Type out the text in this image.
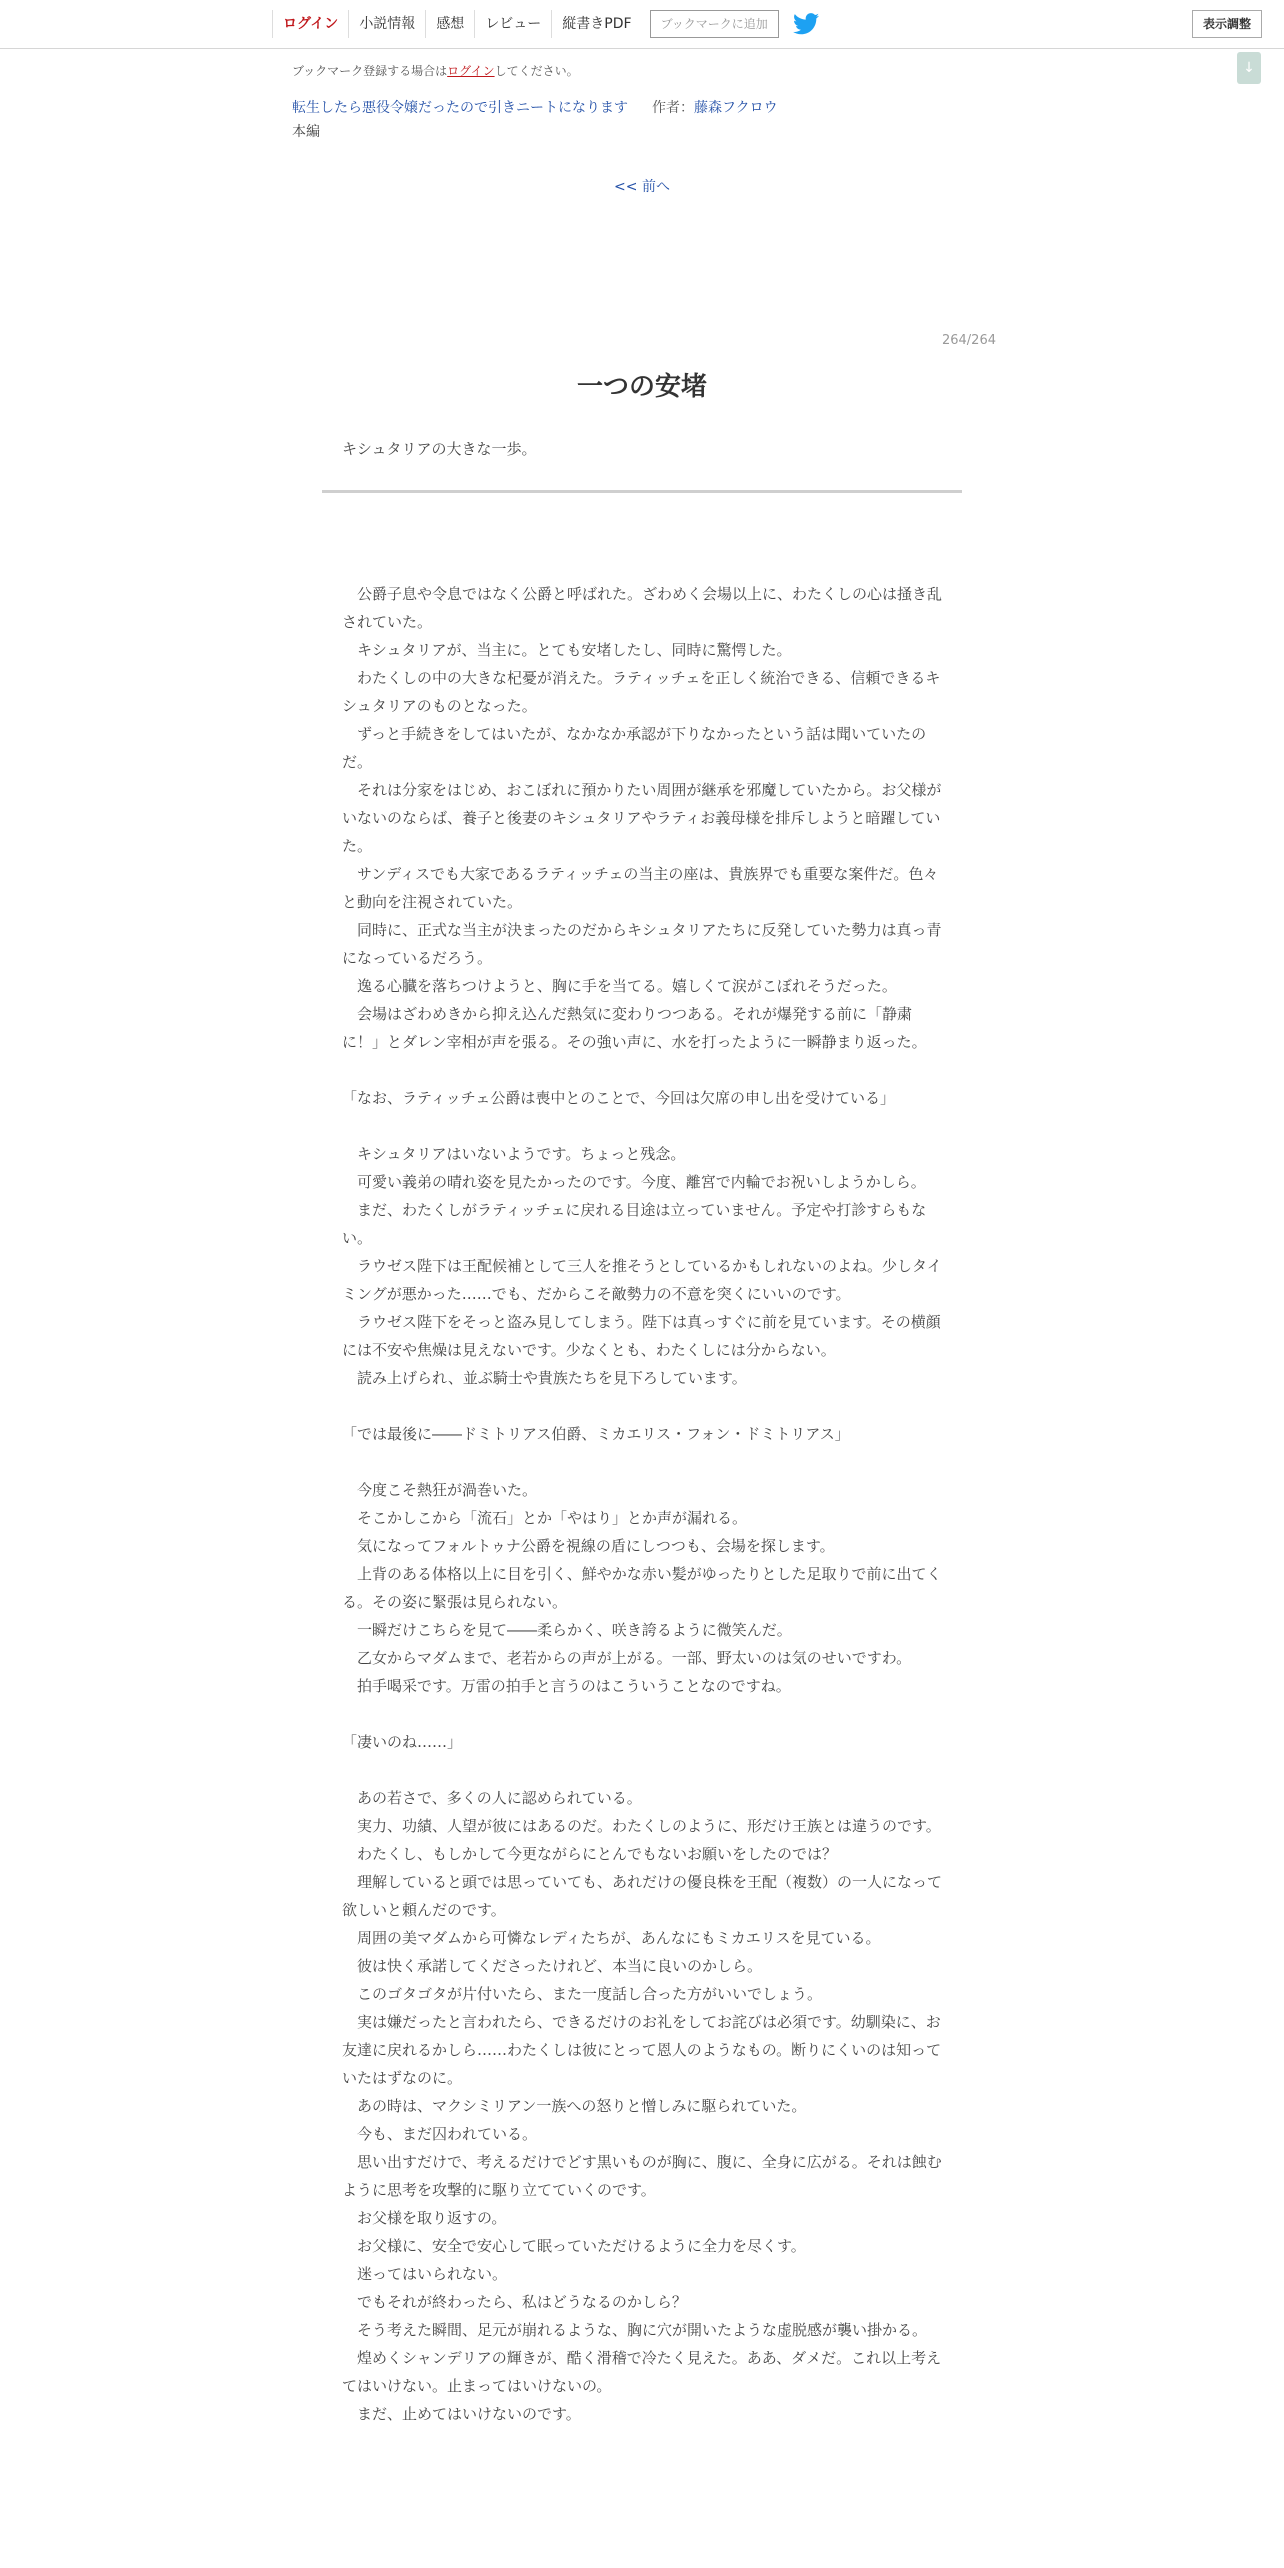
ログイン	小説情報	感想	レビュー	縦書きPDF	ブックマークに追加	表示調整
↓
ブックマーク登録する場合はログインしてください。
転生したら悪役令嬢だったので引きニートになります 作者：藤森フクロウ
本編
<< 前へ
264/264
一つの安堵
キシュタリアの大きな一歩。

　公爵子息や令息ではなく公爵と呼ばれた。ざわめく会場以上に、わたくしの心は掻き乱されていた。

　キシュタリアが、当主に。とても安堵したし、同時に驚愕した。

　わたくしの中の大きな杞憂が消えた。ラティッチェを正しく統治できる、信頼できるキシュタリアのものとなった。

　ずっと手続きをしてはいたが、なかなか承認が下りなかったという話は聞いていたのだ。

　それは分家をはじめ、おこぼれに預かりたい周囲が継承を邪魔していたから。お父様がいないのならば、養子と後妻のキシュタリアやラティお義母様を排斥しようと暗躍していた。

　サンディスでも大家であるラティッチェの当主の座は、貴族界でも重要な案件だ。色々と動向を注視されていた。

　同時に、正式な当主が決まったのだからキシュタリアたちに反発していた勢力は真っ青になっているだろう。

　逸る心臓を落ちつけようと、胸に手を当てる。嬉しくて涙がこぼれそうだった。

　会場はざわめきから抑え込んだ熱気に変わりつつある。それが爆発する前に「静粛に！」とダレン宰相が声を張る。その強い声に、水を打ったように一瞬静まり返った。

「なお、ラティッチェ公爵は喪中とのことで、今回は欠席の申し出を受けている」

　キシュタリアはいないようです。ちょっと残念。

　可愛い義弟の晴れ姿を見たかったのです。今度、離宮で内輪でお祝いしようかしら。

　まだ、わたくしがラティッチェに戻れる目途は立っていません。予定や打診すらもない。

　ラウゼス陛下は王配候補として三人を推そうとしているかもしれないのよね。少しタイミングが悪かった……でも、だからこそ敵勢力の不意を突くにいいのです。

　ラウゼス陛下をそっと盗み見してしまう。陛下は真っすぐに前を見ています。その横顔には不安や焦燥は見えないです。少なくとも、わたくしには分からない。

　読み上げられ、並ぶ騎士や貴族たちを見下ろしています。

「では最後に――ドミトリアス伯爵、ミカエリス・フォン・ドミトリアス」

　今度こそ熱狂が渦巻いた。

　そこかしこから「流石」とか「やはり」とか声が漏れる。

　気になってフォルトゥナ公爵を視線の盾にしつつも、会場を探します。

　上背のある体格以上に目を引く、鮮やかな赤い髪がゆったりとした足取りで前に出てくる。その姿に緊張は見られない。

　一瞬だけこちらを見て――柔らかく、咲き誇るように微笑んだ。

　乙女からマダムまで、老若からの声が上がる。一部、野太いのは気のせいですわ。

　拍手喝采です。万雷の拍手と言うのはこういうことなのですね。

「凄いのね……」

　あの若さで、多くの人に認められている。

　実力、功績、人望が彼にはあるのだ。わたくしのように、形だけ王族とは違うのです。

　わたくし、もしかして今更ながらにとんでもないお願いをしたのでは？

　理解していると頭では思っていても、あれだけの優良株を王配（複数）の一人になって欲しいと頼んだのです。

　周囲の美マダムから可憐なレディたちが、あんなにもミカエリスを見ている。

　彼は快く承諾してくださったけれど、本当に良いのかしら。

　このゴタゴタが片付いたら、また一度話し合った方がいいでしょう。

　実は嫌だったと言われたら、できるだけのお礼をしてお詫びは必須です。幼馴染に、お友達に戻れるかしら……わたくしは彼にとって恩人のようなもの。断りにくいのは知っていたはずなのに。

　あの時は、マクシミリアン一族への怒りと憎しみに駆られていた。

　今も、まだ囚われている。

　思い出すだけで、考えるだけでどす黒いものが胸に、腹に、全身に広がる。それは蝕むように思考を攻撃的に駆り立てていくのです。

　お父様を取り返すの。

　お父様に、安全で安心して眠っていただけるように全力を尽くす。

　迷ってはいられない。

　でもそれが終わったら、私はどうなるのかしら？

　そう考えた瞬間、足元が崩れるような、胸に穴が開いたような虚脱感が襲い掛かる。

　煌めくシャンデリアの輝きが、酷く滑稽で冷たく見えた。ああ、ダメだ。これ以上考えてはいけない。止まってはいけないの。

　まだ、止めてはいけないのです。
